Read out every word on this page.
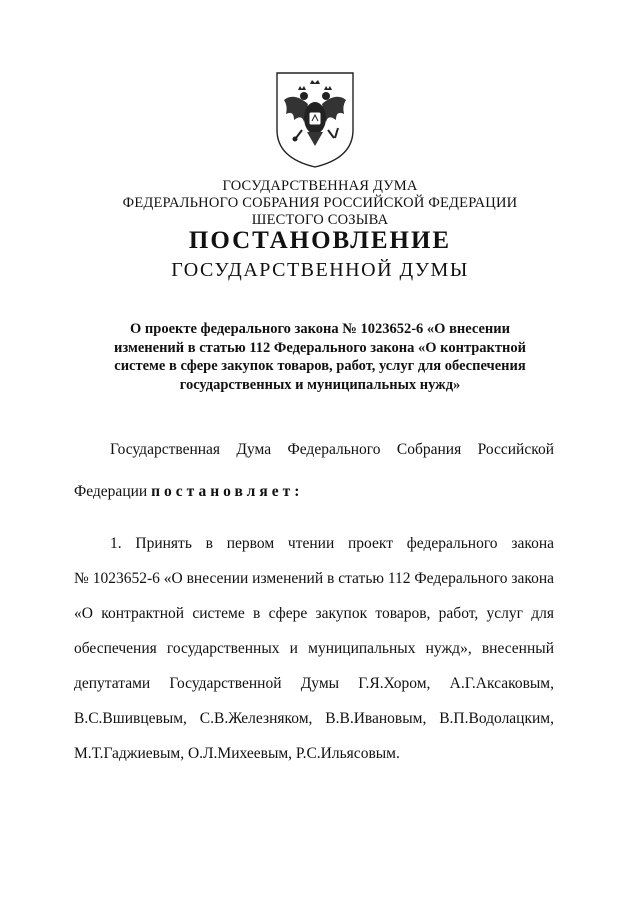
ГОСУДАРСТВЕННАЯ ДУМА
ФЕДЕРАЛЬНОГО СОБРАНИЯ РОССИЙСКОЙ ФЕДЕРАЦИИ
ШЕСТОГО СОЗЫВА
ПОСТАНОВЛЕНИЕ
ГОСУДАРСТВЕННОЙ ДУМЫ
О проекте федерального закона № 1023652-6 «О внесении
изменений в статью 112 Федерального закона «О контрактной
системе в сфере закупок товаров, работ, услуг для обеспечения
государственных и муниципальных нужд»
Государственная Дума Федерального Собрания Российской
Федерации постановляет:
1. Принять в первом чтении проект федерального закона
№ 1023652-6 «О внесении изменений в статью 112 Федерального закона
«О контрактной системе в сфере закупок товаров, работ, услуг для
обеспечения государственных и муниципальных нужд», внесенный
депутатами Государственной Думы Г.Я.Хором, А.Г.Аксаковым,
В.С.Вшивцевым, С.В.Железняком, В.В.Ивановым, В.П.Водолацким,
М.Т.Гаджиевым, О.Л.Михеевым, Р.С.Ильясовым.
